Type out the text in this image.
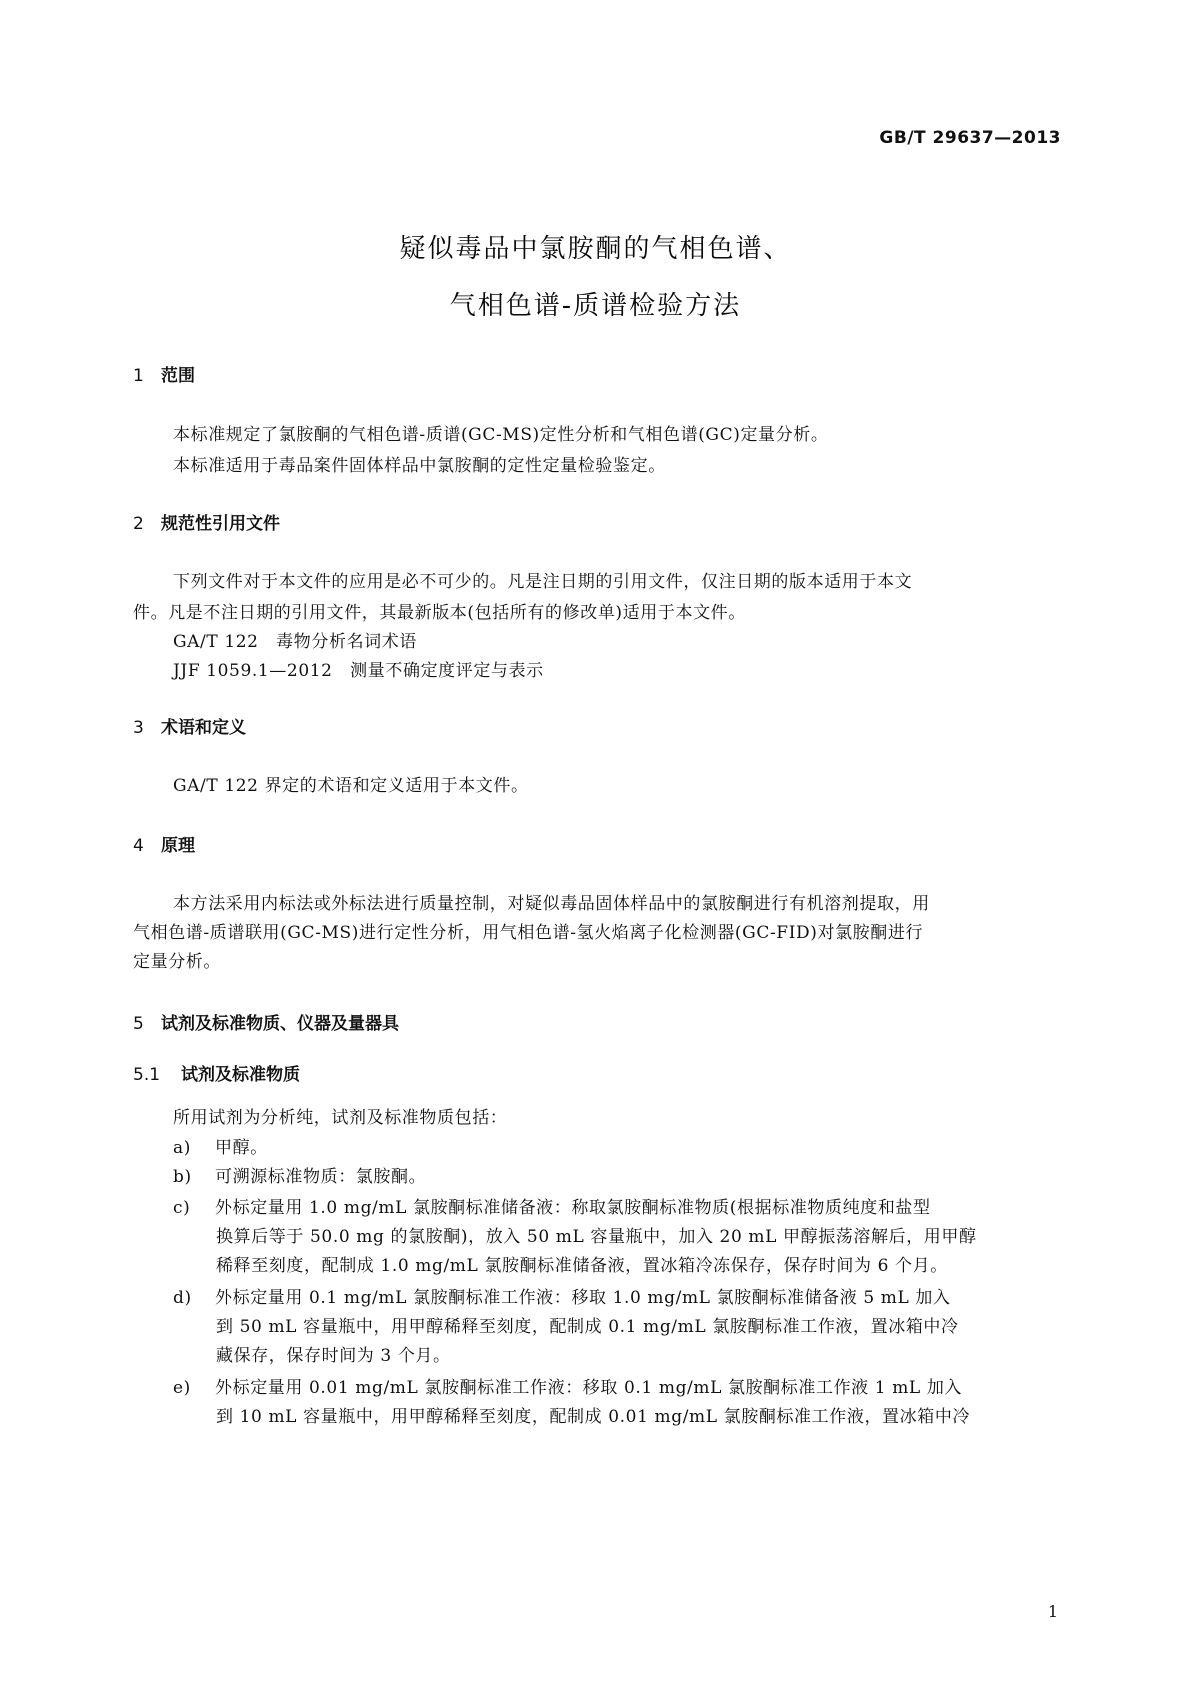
GB/T 29637—2013
疑似毒品中氯胺酮的气相色谱、
气相色谱-质谱检验方法
1 范围
本标准规定了氯胺酮的气相色谱-质谱(GC-MS)定性分析和气相色谱(GC)定量分析。
本标准适用于毒品案件固体样品中氯胺酮的定性定量检验鉴定。
2 规范性引用文件
下列文件对于本文件的应用是必不可少的。凡是注日期的引用文件，仅注日期的版本适用于本文
件。凡是不注日期的引用文件，其最新版本(包括所有的修改单)适用于本文件。
GA/T 122　毒物分析名词术语
JJF 1059.1—2012　测量不确定度评定与表示
3 术语和定义
GA/T 122 界定的术语和定义适用于本文件。
4 原理
本方法采用内标法或外标法进行质量控制，对疑似毒品固体样品中的氯胺酮进行有机溶剂提取，用
气相色谱-质谱联用(GC-MS)进行定性分析，用气相色谱-氢火焰离子化检测器(GC-FID)对氯胺酮进行
定量分析。
5 试剂及标准物质、仪器及量器具
5.1 试剂及标准物质
所用试剂为分析纯，试剂及标准物质包括：
a) 甲醇。
b) 可溯源标准物质：氯胺酮。
c) 外标定量用 1.0 mg/mL 氯胺酮标准储备液：称取氯胺酮标准物质(根据标准物质纯度和盐型
换算后等于 50.0 mg 的氯胺酮)，放入 50 mL 容量瓶中，加入 20 mL 甲醇振荡溶解后，用甲醇
稀释至刻度，配制成 1.0 mg/mL 氯胺酮标准储备液，置冰箱冷冻保存，保存时间为 6 个月。
d) 外标定量用 0.1 mg/mL 氯胺酮标准工作液：移取 1.0 mg/mL 氯胺酮标准储备液 5 mL 加入
到 50 mL 容量瓶中，用甲醇稀释至刻度，配制成 0.1 mg/mL 氯胺酮标准工作液，置冰箱中冷
藏保存，保存时间为 3 个月。
e) 外标定量用 0.01 mg/mL 氯胺酮标准工作液：移取 0.1 mg/mL 氯胺酮标准工作液 1 mL 加入
到 10 mL 容量瓶中，用甲醇稀释至刻度，配制成 0.01 mg/mL 氯胺酮标准工作液，置冰箱中冷
1
